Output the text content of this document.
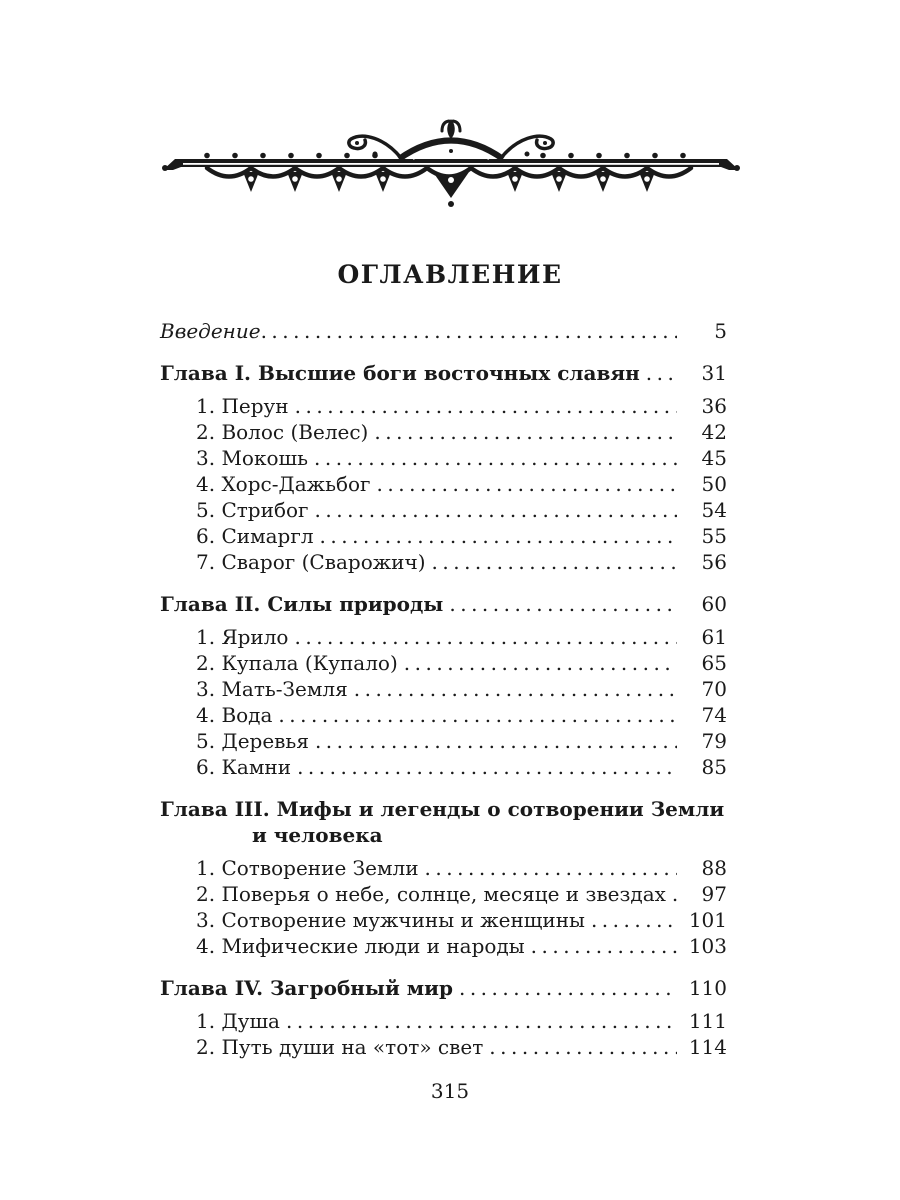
ОГЛАВЛЕНИЕ
Введение .....	5
Глава I. Высшие боги восточных славян .....	31
1. Перун .....	36
2. Волос (Велес) .....	42
3. Мокошь .....	45
4. Хорс-Дажьбог .....	50
5. Стрибог .....	54
6. Симаргл .....	55
7. Сварог (Сварожич) .....	56
Глава II. Силы природы .....	60
1. Ярило .....	61
2. Купала (Купало) .....	65
3. Мать-Земля .....	70
4. Вода .....	74
5. Деревья .....	79
6. Камни .....	85
Глава III. Мифы и легенды о сотворении Земли
и человека
1. Сотворение Земли .....	88
2. Поверья о небе, солнце, месяце и звездах .....	97
3. Сотворение мужчины и женщины .....	101
4. Мифические люди и народы .....	103
Глава IV. Загробный мир .....	110
1. Душа .....	111
2. Путь души на «тот» свет .....	114
315
